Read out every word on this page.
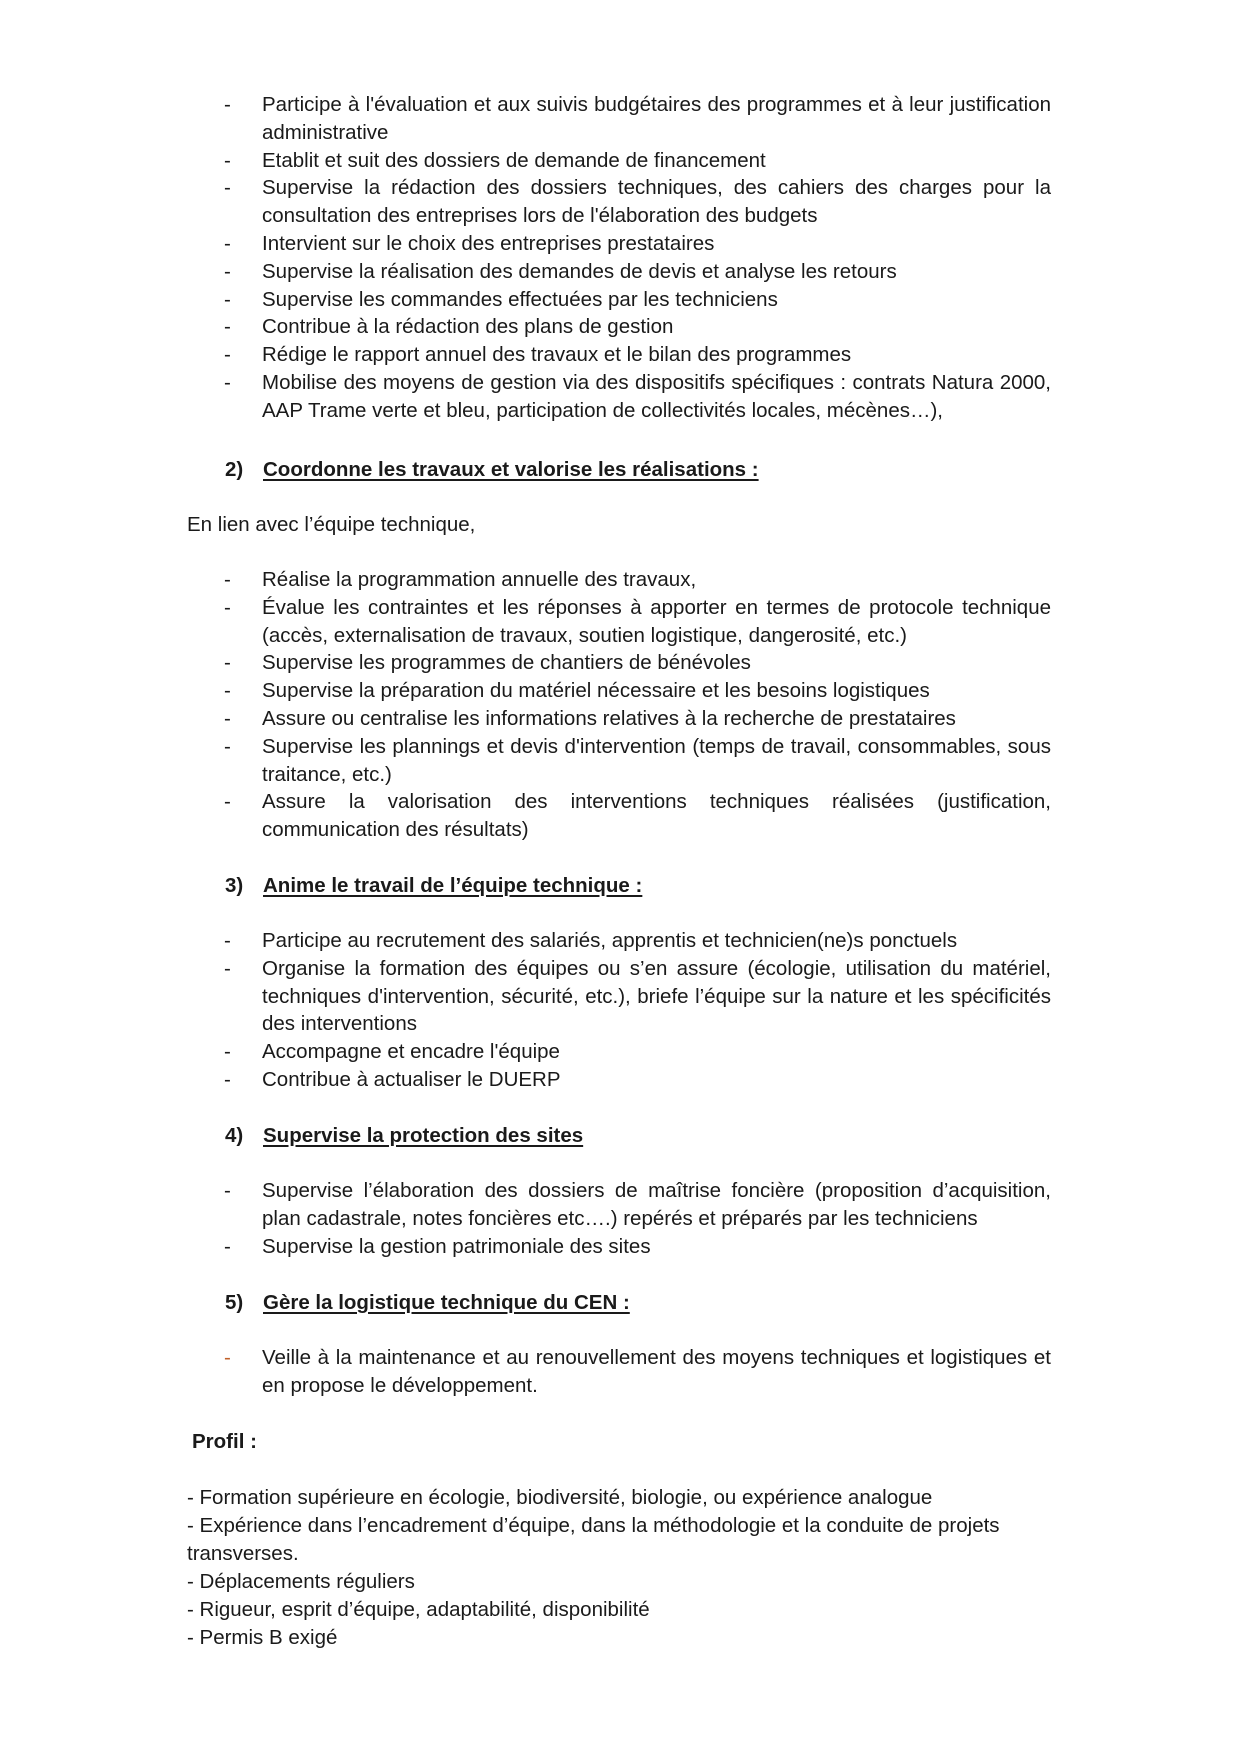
-	Participe à l'évaluation et aux suivis budgétaires des programmes et à leur justification administrative
-	Etablit et suit des dossiers de demande de financement
-	Supervise la rédaction des dossiers techniques, des cahiers des charges pour la consultation des entreprises lors de l'élaboration des budgets
-	Intervient sur le choix des entreprises prestataires
-	Supervise la réalisation des demandes de devis et analyse les retours
-	Supervise les commandes effectuées par les techniciens
-	Contribue à la rédaction des plans de gestion
-	Rédige le rapport annuel des travaux et le bilan des programmes
-	Mobilise des moyens de gestion via des dispositifs spécifiques : contrats Natura 2000, AAP Trame verte et bleu, participation de collectivités locales, mécènes…),
2) Coordonne les travaux et valorise les réalisations :
En lien avec l’équipe technique,
-	Réalise la programmation annuelle des travaux,
-	Évalue les contraintes et les réponses à apporter en termes de protocole technique (accès, externalisation de travaux, soutien logistique, dangerosité, etc.)
-	Supervise les programmes de chantiers de bénévoles
-	Supervise la préparation du matériel nécessaire et les besoins logistiques
-	Assure ou centralise les informations relatives à la recherche de prestataires
-	Supervise les plannings et devis d'intervention (temps de travail, consommables, sous traitance, etc.)
-	Assure la valorisation des interventions techniques réalisées (justification, communication des résultats)
3) Anime le travail de l’équipe technique :
-	Participe au recrutement des salariés, apprentis et technicien(ne)s ponctuels
-	Organise la formation des équipes ou s’en assure (écologie, utilisation du matériel, techniques d'intervention, sécurité, etc.), briefe l’équipe sur la nature et les spécificités des interventions
-	Accompagne et encadre l'équipe
-	Contribue à actualiser le DUERP
4) Supervise la protection des sites
-	Supervise l’élaboration des dossiers de maîtrise foncière (proposition d’acquisition, plan cadastrale, notes foncières etc….) repérés et préparés par les techniciens
-	Supervise la gestion patrimoniale des sites
5) Gère la logistique technique du CEN :
-	Veille à la maintenance et au renouvellement des moyens techniques et logistiques et en propose le développement.
Profil :
- Formation supérieure en écologie, biodiversité, biologie, ou expérience analogue
- Expérience dans l’encadrement d’équipe, dans la méthodologie et la conduite de projets transverses.
- Déplacements réguliers
- Rigueur, esprit d’équipe, adaptabilité, disponibilité
- Permis B exigé
